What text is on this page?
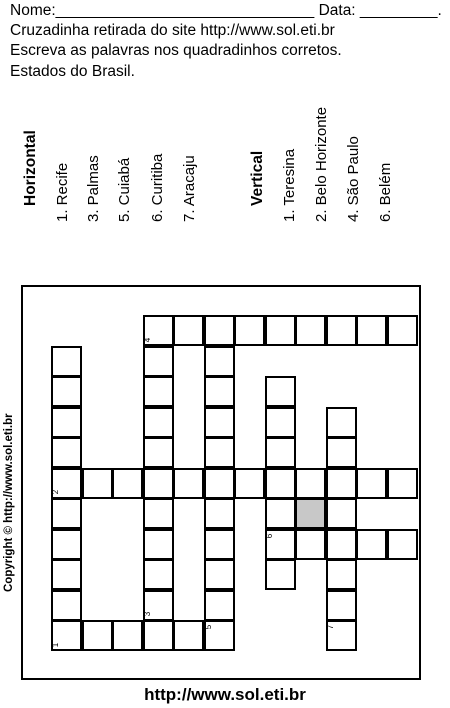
Nome:______________________________ Data: _________.
Cruzadinha retirada do site http://www.sol.eti.br
Escreva as palavras nos quadradinhos corretos.
Estados do Brasil.
Horizontal 1. Recife 3. Palmas 5. Cuiabá 6. Curitiba 7. Aracaju	Vertical 1. Teresina 2. Belo Horizonte 4. São Paulo 6. Belém
4
2
3
5
6
7
1
Copyright © http://www.sol.eti.br
http://www.sol.eti.br
